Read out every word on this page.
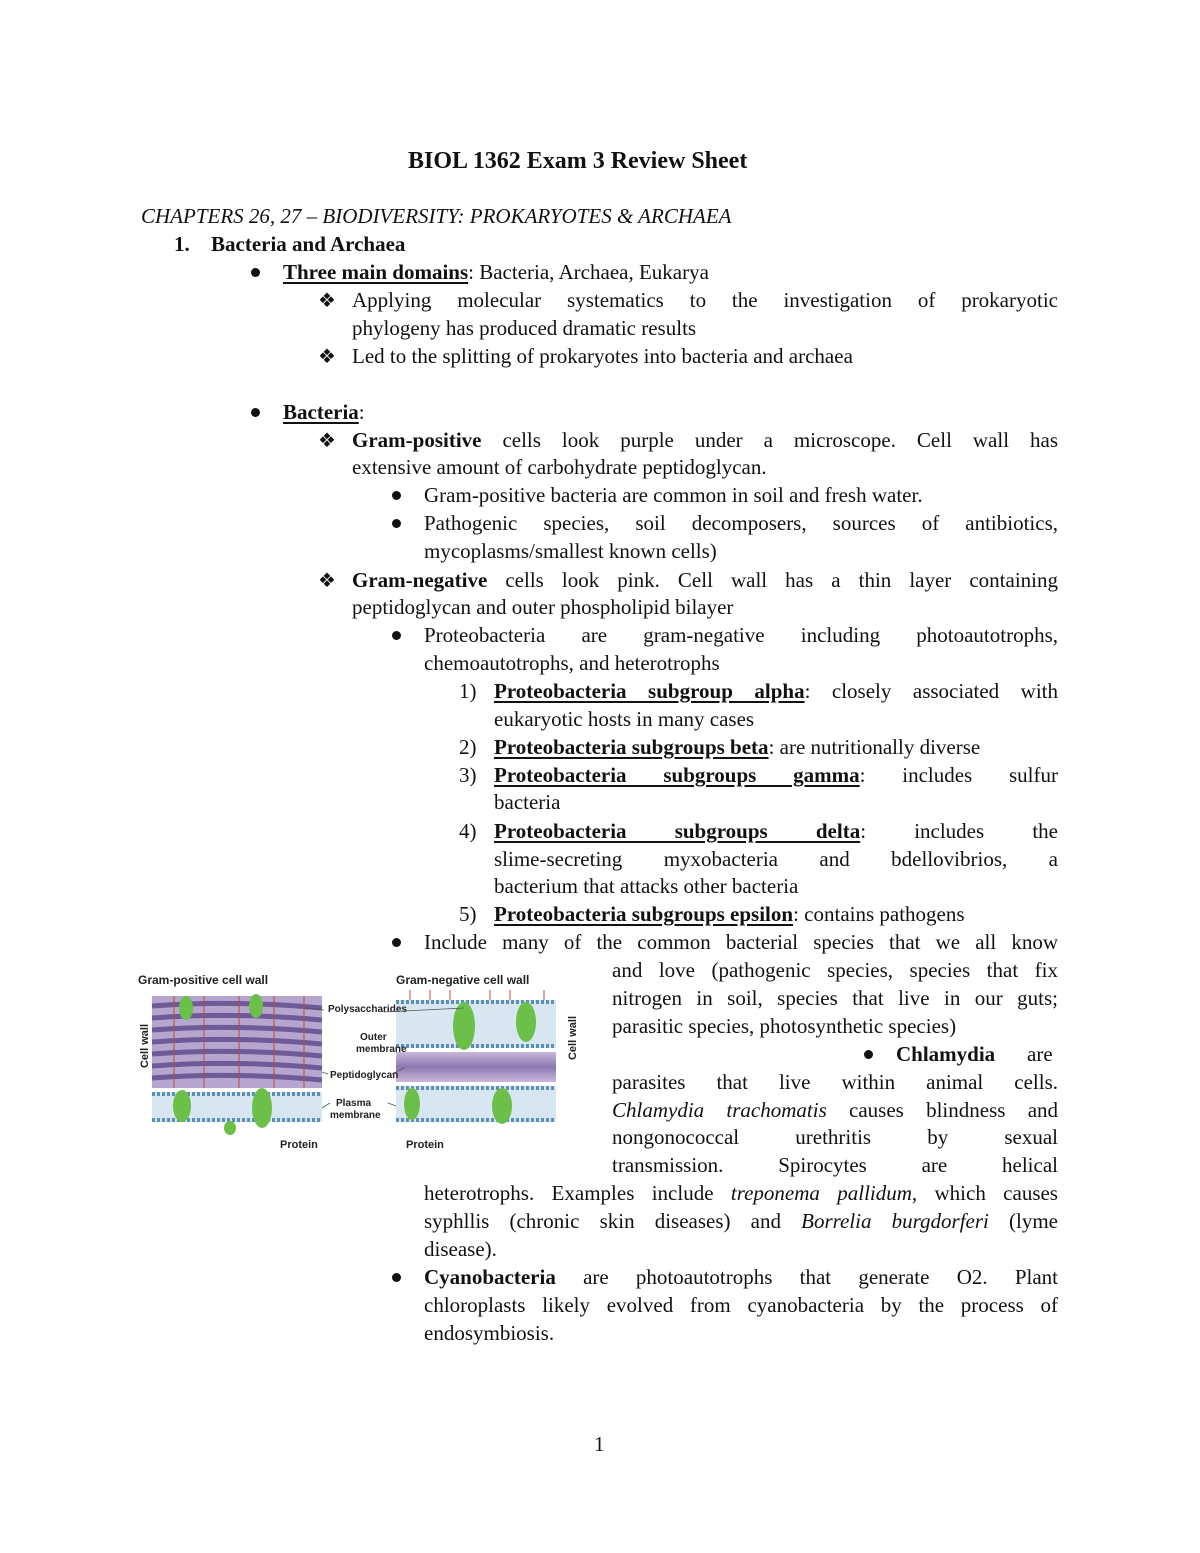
BIOL 1362 Exam 3 Review Sheet
CHAPTERS 26, 27 – BIODIVERSITY: PROKARYOTES & ARCHAEA
1. Bacteria and Archaea
Three main domains: Bacteria, Archaea, Eukarya
❖ Applying molecular systematics to the investigation of prokaryotic
phylogeny has produced dramatic results
❖ Led to the splitting of prokaryotes into bacteria and archaea
Bacteria:
❖ Gram-positive cells look purple under a microscope. Cell wall has
extensive amount of carbohydrate peptidoglycan.
Gram-positive bacteria are common in soil and fresh water.
Pathogenic species, soil decomposers, sources of antibiotics,
mycoplasms/smallest known cells)
❖ Gram-negative cells look pink. Cell wall has a thin layer containing
peptidoglycan and outer phospholipid bilayer
Proteobacteria are gram-negative including photoautotrophs,
chemoautotrophs, and heterotrophs
1) Proteobacteria subgroup alpha: closely associated with
eukaryotic hosts in many cases
2) Proteobacteria subgroups beta: are nutritionally diverse
3) Proteobacteria subgroups gamma: includes sulfur
bacteria
4) Proteobacteria subgroups delta: includes the
slime-secreting myxobacteria and bdellovibrios, a
bacterium that attacks other bacteria
5) Proteobacteria subgroups epsilon: contains pathogens
Include many of the common bacterial species that we all know
and love (pathogenic species, species that fix
nitrogen in soil, species that live in our guts;
parasitic species, photosynthetic species)
Chlamydia are
parasites that live within animal cells.
Chlamydia trachomatis causes blindness and
nongonococcal urethritis by sexual
transmission. Spirocytes are helical
heterotrophs. Examples include treponema pallidum, which causes
syphllis (chronic skin diseases) and Borrelia burgdorferi (lyme
disease).
Cyanobacteria are photoautotrophs that generate O2. Plant
chloroplasts likely evolved from cyanobacteria by the process of
endosymbiosis.
Gram-positive cell wall	Gram-negative cell wall
Cell wall	Cell wall
Polysaccharides
Outer
membrane
Peptidoglycan
Plasma
membrane
Protein	Protein
1
